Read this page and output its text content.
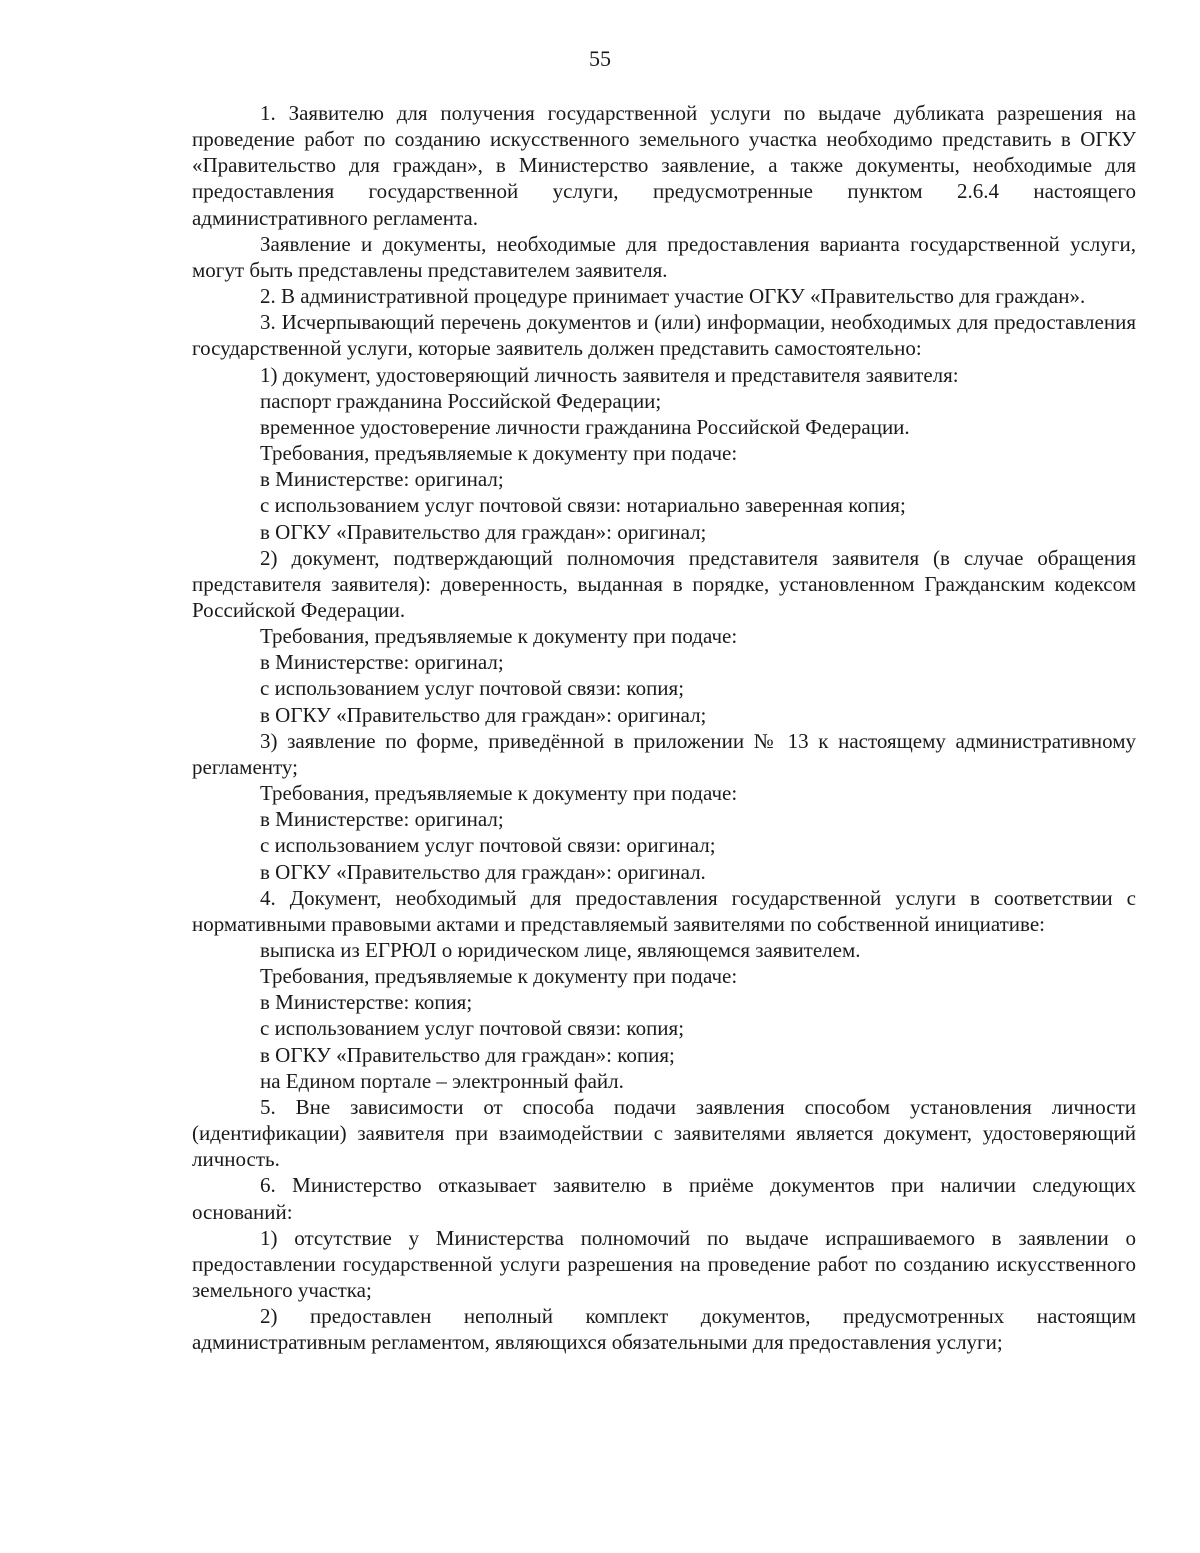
55

1. Заявителю для получения государственной услуги по выдаче дубликата разрешения на проведение работ по созданию искусственного земельного участка необходимо представить в ОГКУ «Правительство для граждан», в Министерство заявление, а также документы, необходимые для предоставления государственной услуги, предусмотренные пунктом 2.6.4 настоящего административного регламента.

Заявление и документы, необходимые для предоставления варианта государственной услуги, могут быть представлены представителем заявителя.

2. В административной процедуре принимает участие ОГКУ «Правительство для граждан».

3. Исчерпывающий перечень документов и (или) информации, необходимых для предоставления государственной услуги, которые заявитель должен представить самостоятельно:

1) документ, удостоверяющий личность заявителя и представителя заявителя:

паспорт гражданина Российской Федерации;

временное удостоверение личности гражданина Российской Федерации.

Требования, предъявляемые к документу при подаче:

в Министерстве: оригинал;

с использованием услуг почтовой связи: нотариально заверенная копия;

в ОГКУ «Правительство для граждан»: оригинал;

2) документ, подтверждающий полномочия представителя заявителя (в случае обращения представителя заявителя): доверенность, выданная в порядке, установленном Гражданским кодексом Российской Федерации.

Требования, предъявляемые к документу при подаче:

в Министерстве: оригинал;

с использованием услуг почтовой связи: копия;

в ОГКУ «Правительство для граждан»: оригинал;

3) заявление по форме, приведённой в приложении № 13 к настоящему административному регламенту;

Требования, предъявляемые к документу при подаче:

в Министерстве: оригинал;

с использованием услуг почтовой связи: оригинал;

в ОГКУ «Правительство для граждан»: оригинал.

4. Документ, необходимый для предоставления государственной услуги в соответствии с нормативными правовыми актами и представляемый заявителями по собственной инициативе:

выписка из ЕГРЮЛ о юридическом лице, являющемся заявителем.

Требования, предъявляемые к документу при подаче:

в Министерстве: копия;

с использованием услуг почтовой связи: копия;

в ОГКУ «Правительство для граждан»: копия;

на Едином портале – электронный файл.

5. Вне зависимости от способа подачи заявления способом установления личности (идентификации) заявителя при взаимодействии с заявителями является документ, удостоверяющий личность.

6. Министерство отказывает заявителю в приёме документов при наличии следующих оснований:

1) отсутствие у Министерства полномочий по выдаче испрашиваемого в заявлении о предоставлении государственной услуги разрешения на проведение работ по созданию искусственного земельного участка;

2) предоставлен неполный комплект документов, предусмотренных настоящим административным регламентом, являющихся обязательными для предоставления услуги;
